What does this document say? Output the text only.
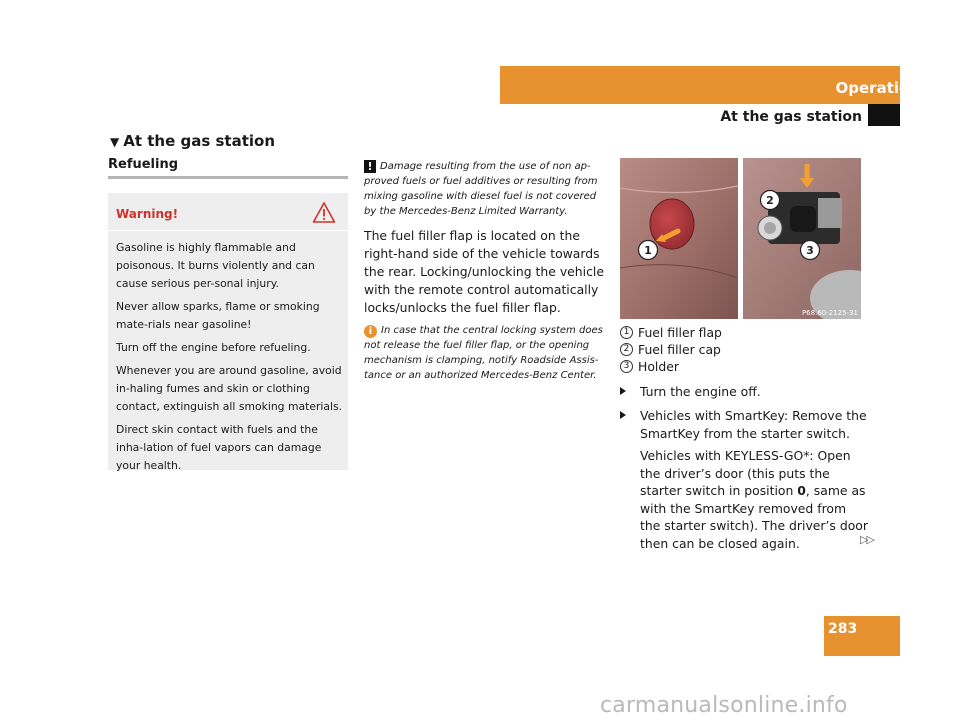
Operation
At the gas station
▼ At the gas station
Refueling
Warning!

Gasoline is highly flammable and poisonous. It burns violently and can cause serious per-sonal injury.

Never allow sparks, flame or smoking mate-rials near gasoline!

Turn off the engine before refueling.

Whenever you are around gasoline, avoid in-haling fumes and skin or clothing contact, extinguish all smoking materials.

Direct skin contact with fuels and the inha-lation of fuel vapors can damage your health.

! Damage resulting from the use of non ap-proved fuels or fuel additives or resulting from mixing gasoline with diesel fuel is not covered by the Mercedes-Benz Limited Warranty.
The fuel filler flap is located on the right-hand side of the vehicle towards the rear. Locking/unlocking the vehicle with the remote control automatically locks/unlocks the fuel filler flap.
i In case that the central locking system does not release the fuel filler flap, or the opening mechanism is clamping, notify Roadside Assis-tance or an authorized Mercedes-Benz Center.
1
2
3
P68.60-2125-31
1 Fuel filler flap
2 Fuel filler cap
3 Holder
Turn the engine off.
Vehicles with SmartKey: Remove the SmartKey from the starter switch.
Vehicles with KEYLESS-GO*: Open the driver’s door (this puts the starter switch in position 0, same as with the SmartKey removed from the starter switch). The driver’s door then can be closed again.	▷▷
283
carmanualsonline.info
